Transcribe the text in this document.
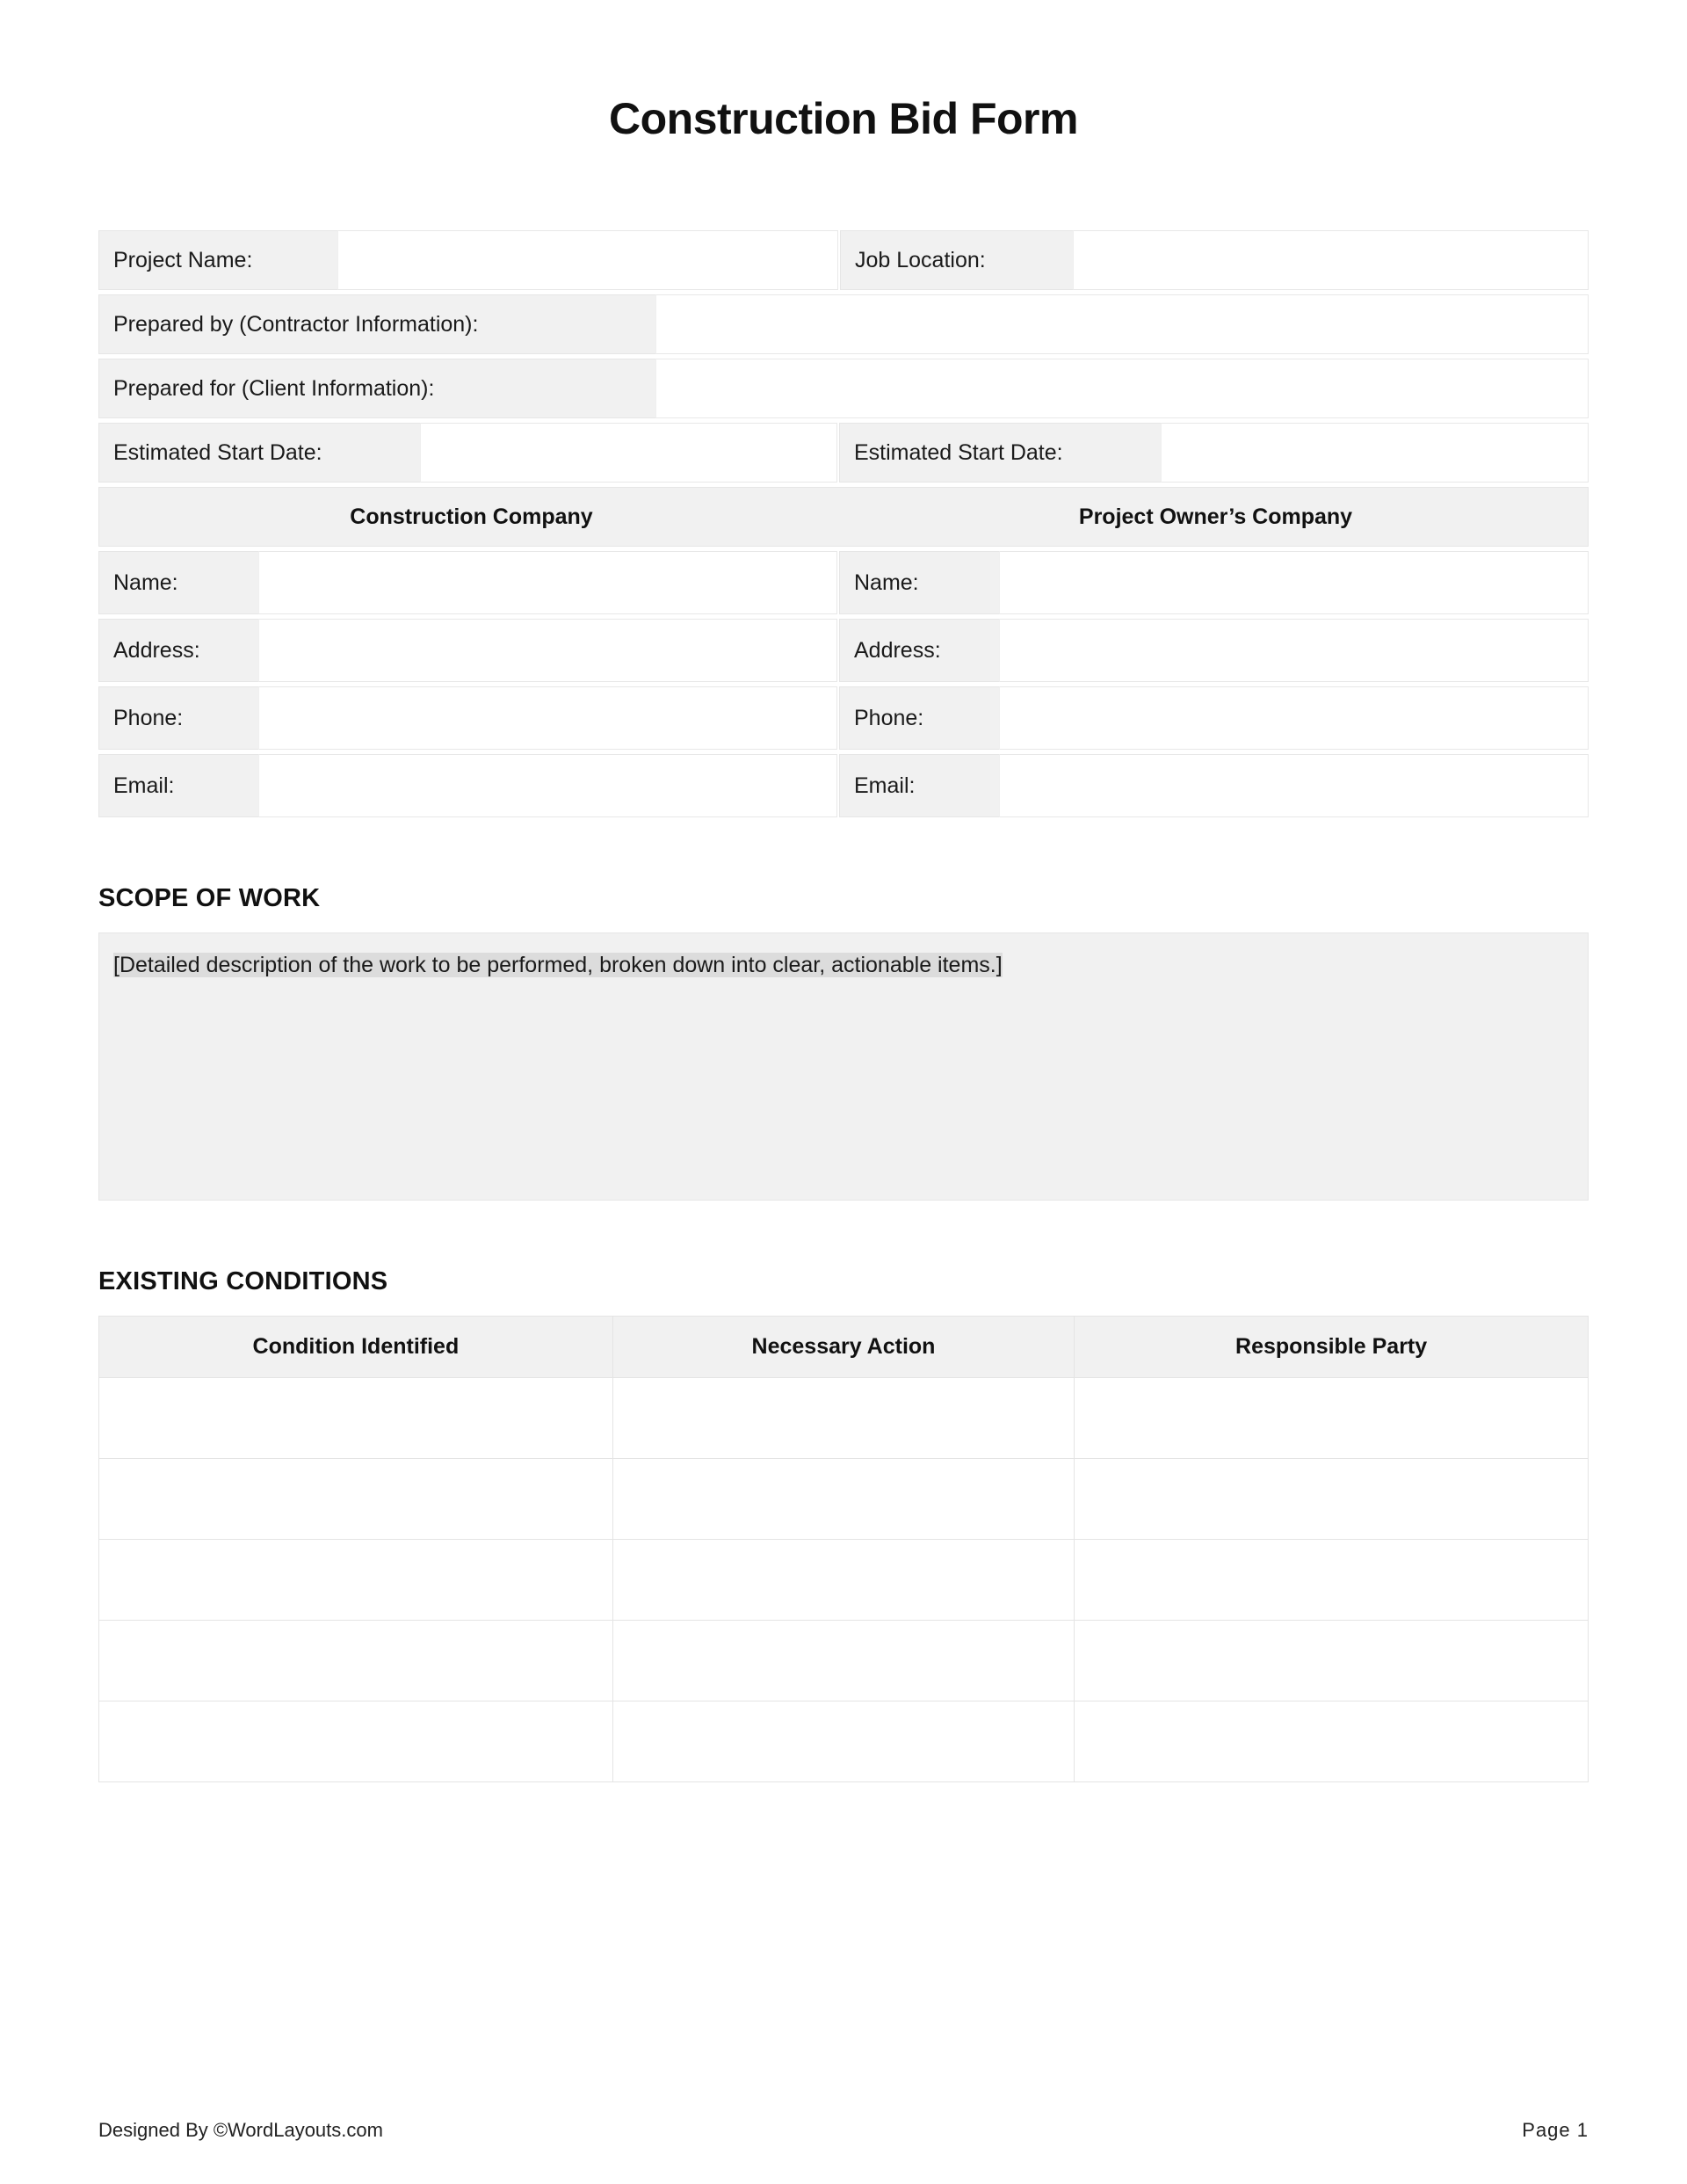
Construction Bid Form
Project Name:	Job Location:
Prepared by (Contractor Information):
Prepared for (Client Information):
Estimated Start Date:	Estimated Start Date:
Construction Company	Project Owner’s Company
Name:	Name:
Address:	Address:
Phone:	Phone:
Email:	Email:
SCOPE OF WORK
[Detailed description of the work to be performed, broken down into clear, actionable items.]
EXISTING CONDITIONS
Condition Identified	Necessary Action	Responsible Party

Designed By ©WordLayouts.com	Page 1
